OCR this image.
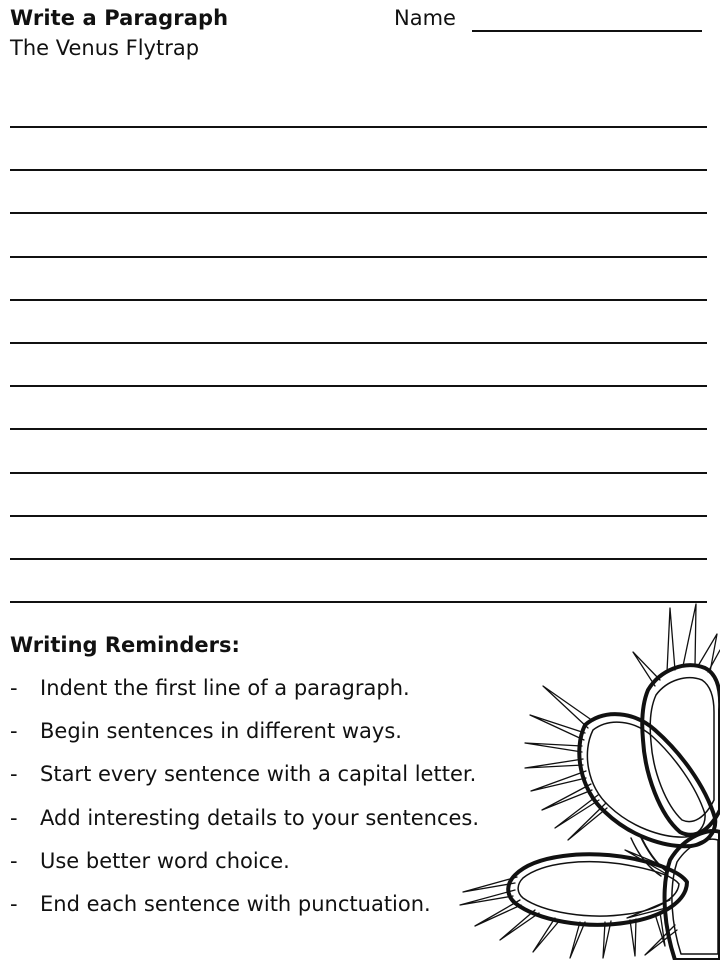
Write a Paragraph
The Venus Flytrap
Name
Writing Reminders:
- Indent the first line of a paragraph.
- Begin sentences in different ways.
- Start every sentence with a capital letter.
- Add interesting details to your sentences.
- Use better word choice.
- End each sentence with punctuation.
